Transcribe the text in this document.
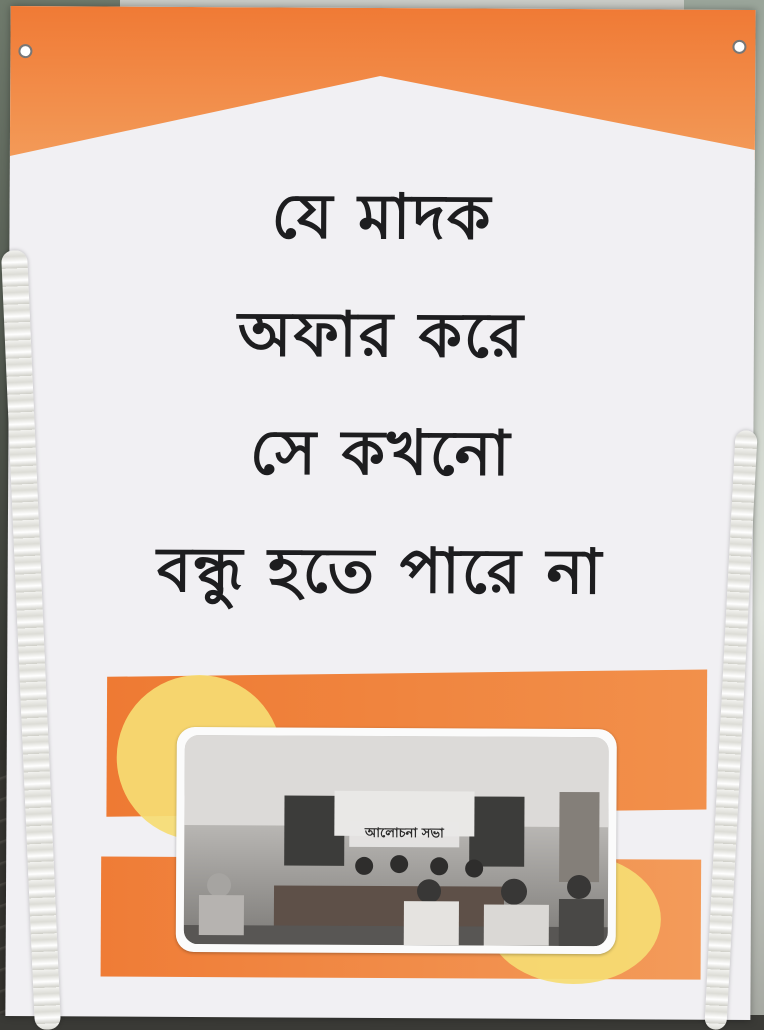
যে মাদক
অফার করে
সে কখনো
বন্ধু হতে পারে না
আলোচনা সভা
